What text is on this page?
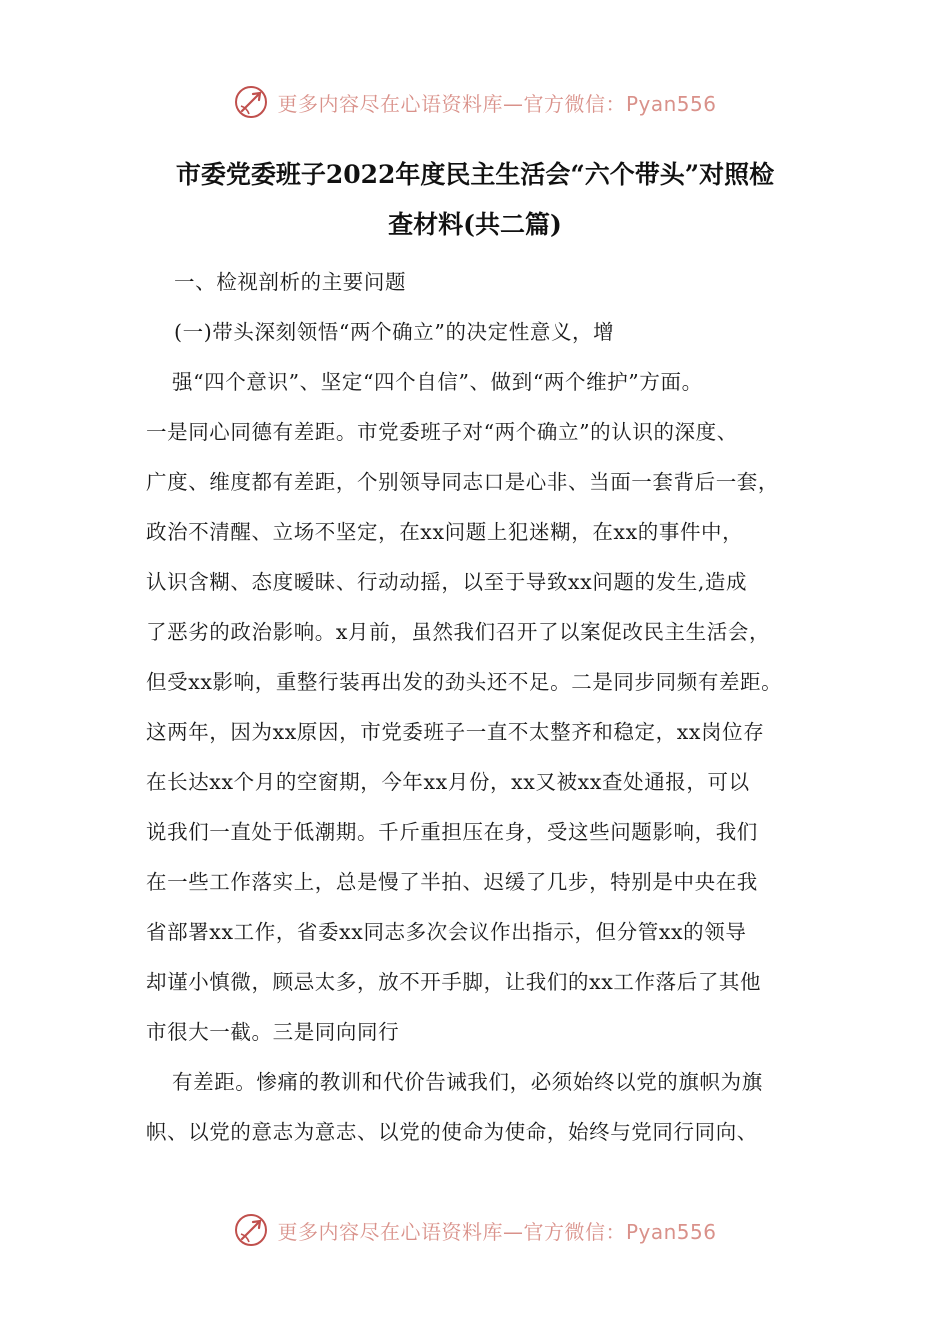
更多内容尽在心语资料库—官方微信：Pyan556
市委党委班子2022年度民主生活会“六个带头”对照检
查材料(共二篇)
一、检视剖析的主要问题
(一)带头深刻领悟“两个确立”的决定性意义，增
强“四个意识”、坚定“四个自信”、做到“两个维护”方面。
一是同心同德有差距。市党委班子对“两个确立”的认识的深度、
广度、维度都有差距，个别领导同志口是心非、当面一套背后一套，
政治不清醒、立场不坚定，在xx问题上犯迷糊，在xx的事件中，
认识含糊、态度暧昧、行动动摇，以至于导致xx问题的发生,造成
了恶劣的政治影响。x月前，虽然我们召开了以案促改民主生活会，
但受xx影响，重整行装再出发的劲头还不足。二是同步同频有差距。
这两年，因为xx原因，市党委班子一直不太整齐和稳定，xx岗位存
在长达xx个月的空窗期，今年xx月份，xx又被xx查处通报，可以
说我们一直处于低潮期。千斤重担压在身，受这些问题影响，我们
在一些工作落实上，总是慢了半拍、迟缓了几步，特别是中央在我
省部署xx工作，省委xx同志多次会议作出指示，但分管xx的领导
却谨小慎微，顾忌太多，放不开手脚，让我们的xx工作落后了其他
市很大一截。三是同向同行
有差距。惨痛的教训和代价告诫我们，必须始终以党的旗帜为旗
帜、以党的意志为意志、以党的使命为使命，始终与党同行同向、
更多内容尽在心语资料库—官方微信：Pyan556
